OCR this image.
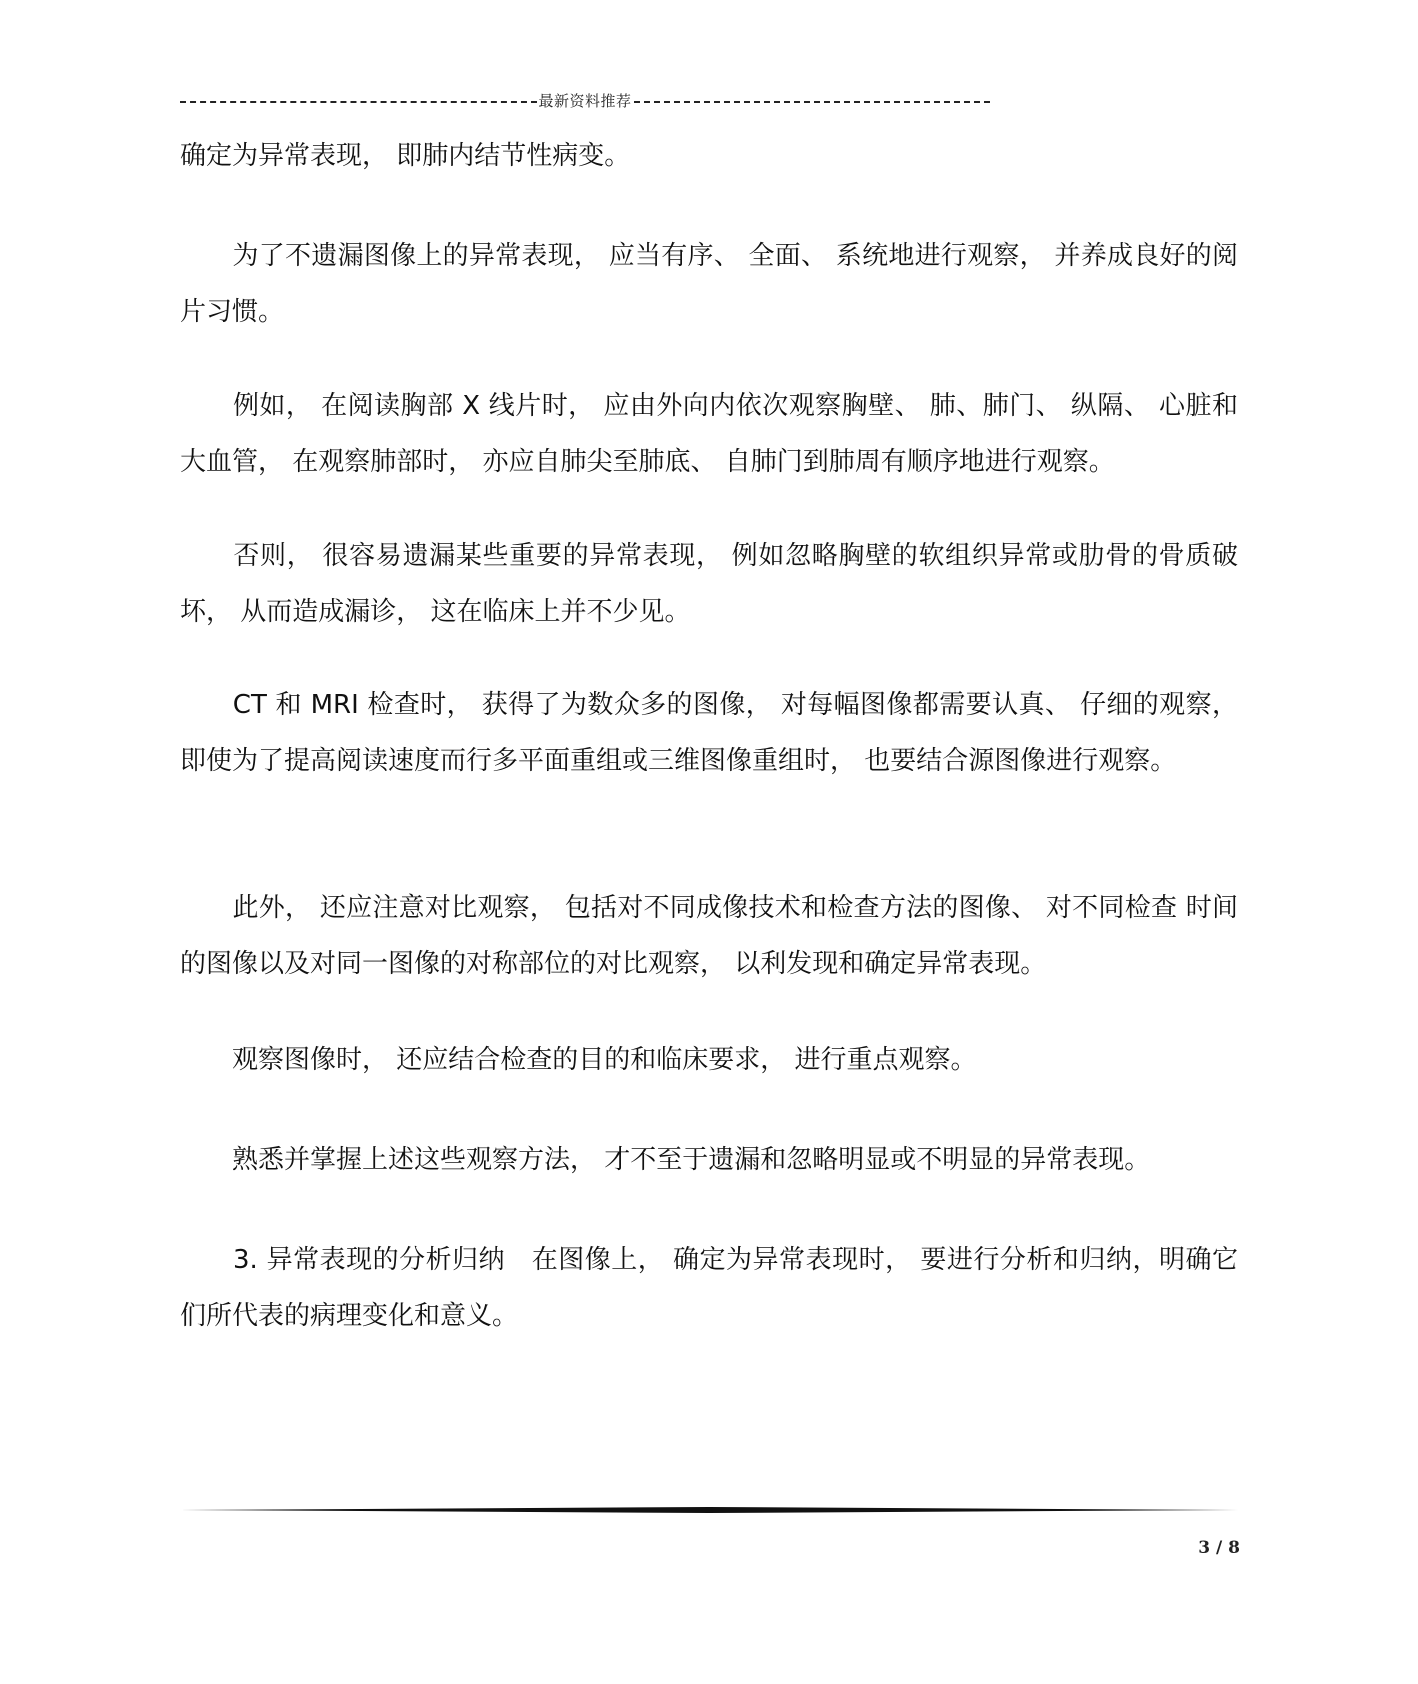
最新资料推荐

确定为异常表现， 即肺内结节性病变。

　　为了不遗漏图像上的异常表现， 应当有序、 全面、 系统地进行观察， 并养成良好的阅片习惯。

　　例如， 在阅读胸部 X 线片时， 应由外向内依次观察胸壁、 肺、肺门、 纵隔、 心脏和大血管， 在观察肺部时， 亦应自肺尖至肺底、 自肺门到肺周有顺序地进行观察。

　　否则， 很容易遗漏某些重要的异常表现， 例如忽略胸壁的软组织异常或肋骨的骨质破坏， 从而造成漏诊， 这在临床上并不少见。

　　CT 和 MRI 检查时， 获得了为数众多的图像， 对每幅图像都需要认真、 仔细的观察， 即使为了提高阅读速度而行多平面重组或三维图像重组时， 也要结合源图像进行观察。

　　此外， 还应注意对比观察， 包括对不同成像技术和检查方法的图像、 对不同检查 时间的图像以及对同一图像的对称部位的对比观察， 以利发现和确定异常表现。

　　观察图像时， 还应结合检查的目的和临床要求， 进行重点观察。

　　熟悉并掌握上述这些观察方法， 才不至于遗漏和忽略明显或不明显的异常表现。

　　3. 异常表现的分析归纳　在图像上， 确定为异常表现时， 要进行分析和归纳，明确它们所代表的病理变化和意义。

3 / 8
